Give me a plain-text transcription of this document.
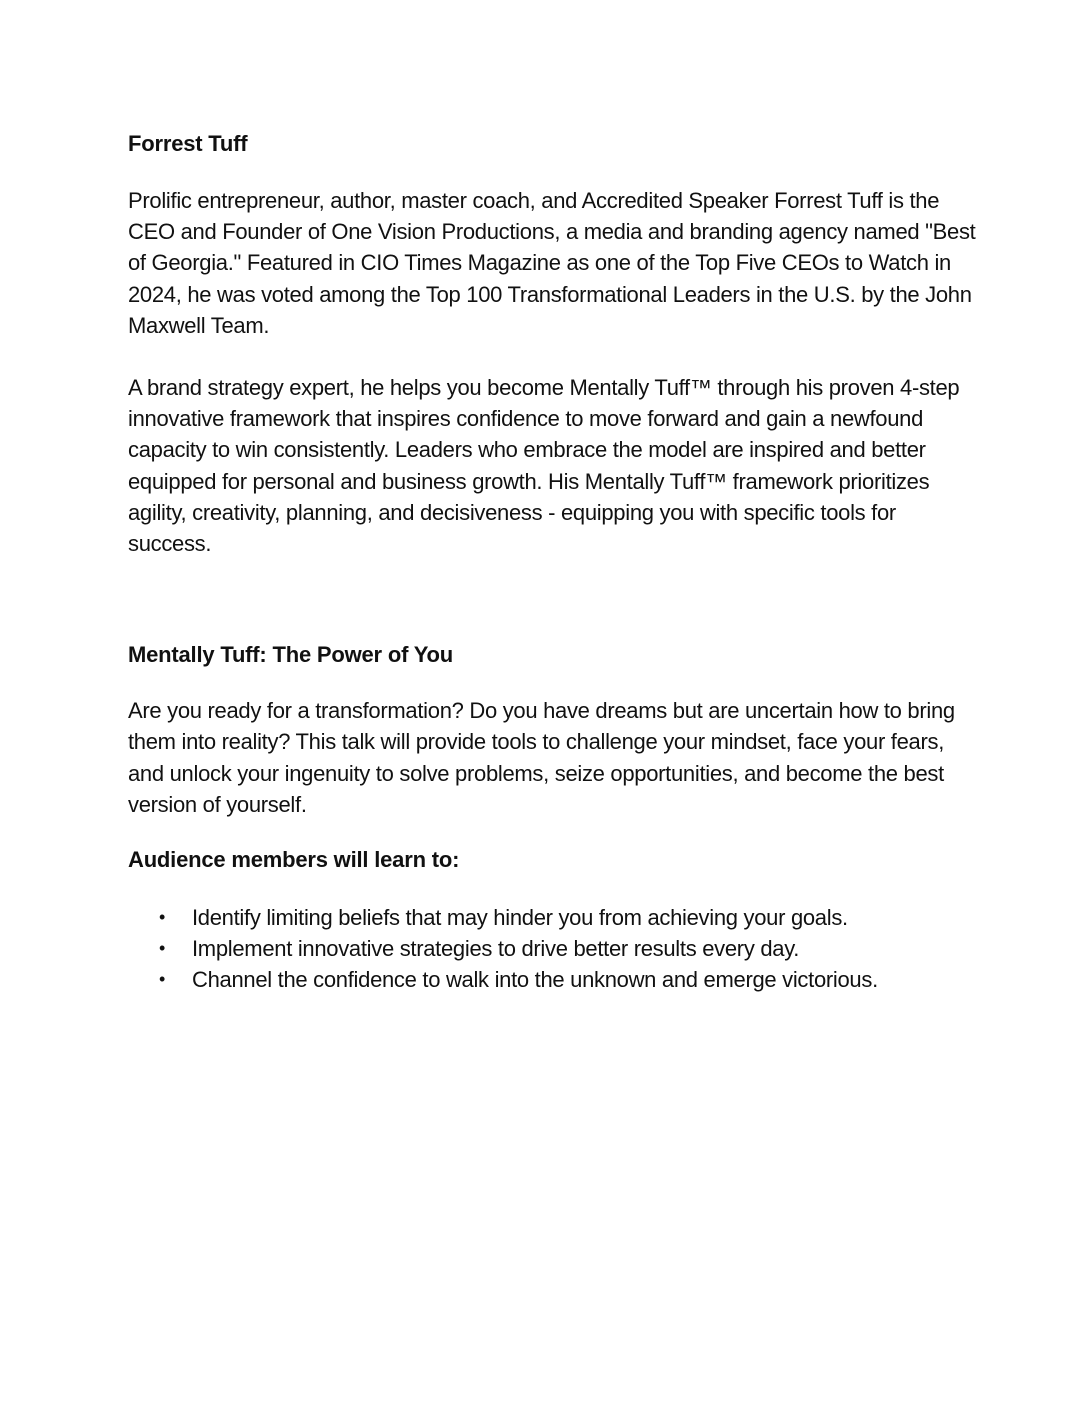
Forrest Tuff

Prolific entrepreneur, author, master coach, and Accredited Speaker Forrest Tuff is the CEO and Founder of One Vision Productions, a media and branding agency named "Best of Georgia." Featured in CIO Times Magazine as one of the Top Five CEOs to Watch in 2024, he was voted among the Top 100 Transformational Leaders in the U.S. by the John Maxwell Team.

A brand strategy expert, he helps you become Mentally Tuff™ through his proven 4-step innovative framework that inspires confidence to move forward and gain a newfound capacity to win consistently. Leaders who embrace the model are inspired and better equipped for personal and business growth. His Mentally Tuff™ framework prioritizes agility, creativity, planning, and decisiveness - equipping you with specific tools for success.

Mentally Tuff: The Power of You

Are you ready for a transformation? Do you have dreams but are uncertain how to bring them into reality? This talk will provide tools to challenge your mindset, face your fears, and unlock your ingenuity to solve problems, seize opportunities, and become the best version of yourself.

Audience members will learn to:

• Identify limiting beliefs that may hinder you from achieving your goals.
• Implement innovative strategies to drive better results every day.
• Channel the confidence to walk into the unknown and emerge victorious.
